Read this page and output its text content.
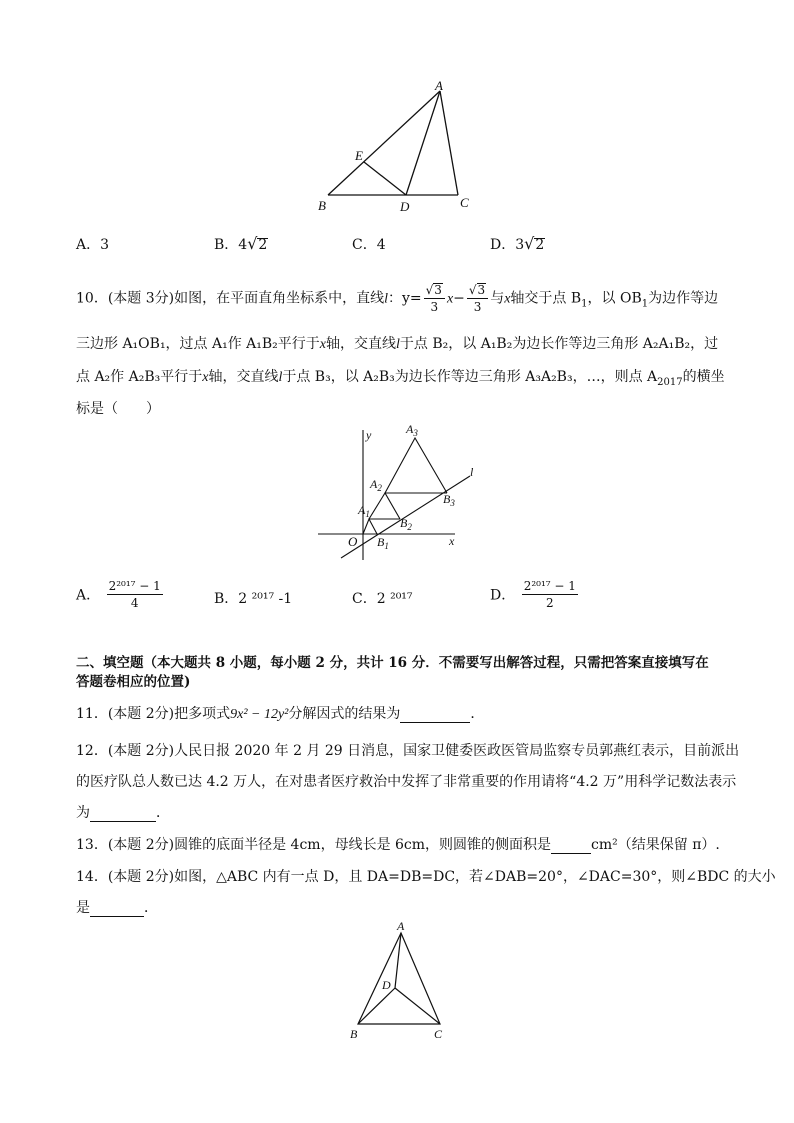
A
E
B	D	C
A．3	B．4√2	C．4	D．3√2
10．(本题 3分)如图，在平面直角坐标系中，直线l：$y= \frac{√3}{3} x- \frac{√3}{3}$ 与x轴交于点 $B_1$，以 $OB_1$为边作等边
三边形 A₁OB₁，过点 A₁作 A₁B₂平行于x轴，交直线l于点 B₂，以 A₁B₂为边长作等边三角形 A₂A₁B₂，过
点 A₂作 A₂B₃平行于x轴，交直线l于点 B₃，以 A₂B₃为边长作等边三角形 A₃A₂B₃，…，则点 $A_{2017}$的横坐
标是（　　）
y
x
O
l
$A_1$
$A_2$
$A_3$
$B_1$
$B_2$
$B_3$
A． $\frac{\text{2²⁰¹⁷ − 1}}{4}$	B．2 ²⁰¹⁷ -1	C．2 ²⁰¹⁷	D． $\frac{\text{2²⁰¹⁷ − 1}}{2}$
二、填空题（本大题共 8 小题，每小题 2 分，共计 16 分．不需要写出解答过程，只需把答案直接填写在
答题卷相应的位置)
11．(本题 2分)把多项式9x² − 12y²分解因式的结果为	．
12．(本题 2分)人民日报 2020 年 2 月 29 日消息，国家卫健委医政医管局监察专员郭燕红表示，目前派出
的医疗队总人数已达 4.2 万人，在对患者医疗救治中发挥了非常重要的作用请将“4.2 万”用科学记数法表示
为	．
13．(本题 2分)圆锥的底面半径是 4cm，母线长是 6cm，则圆锥的侧面积是	cm²（结果保留 π）.
14．(本题 2分)如图，△ABC 内有一点 D，且 DA=DB=DC，若∠DAB=20°，∠DAC=30°，则∠BDC 的大小
是	．
A
D
B	C
